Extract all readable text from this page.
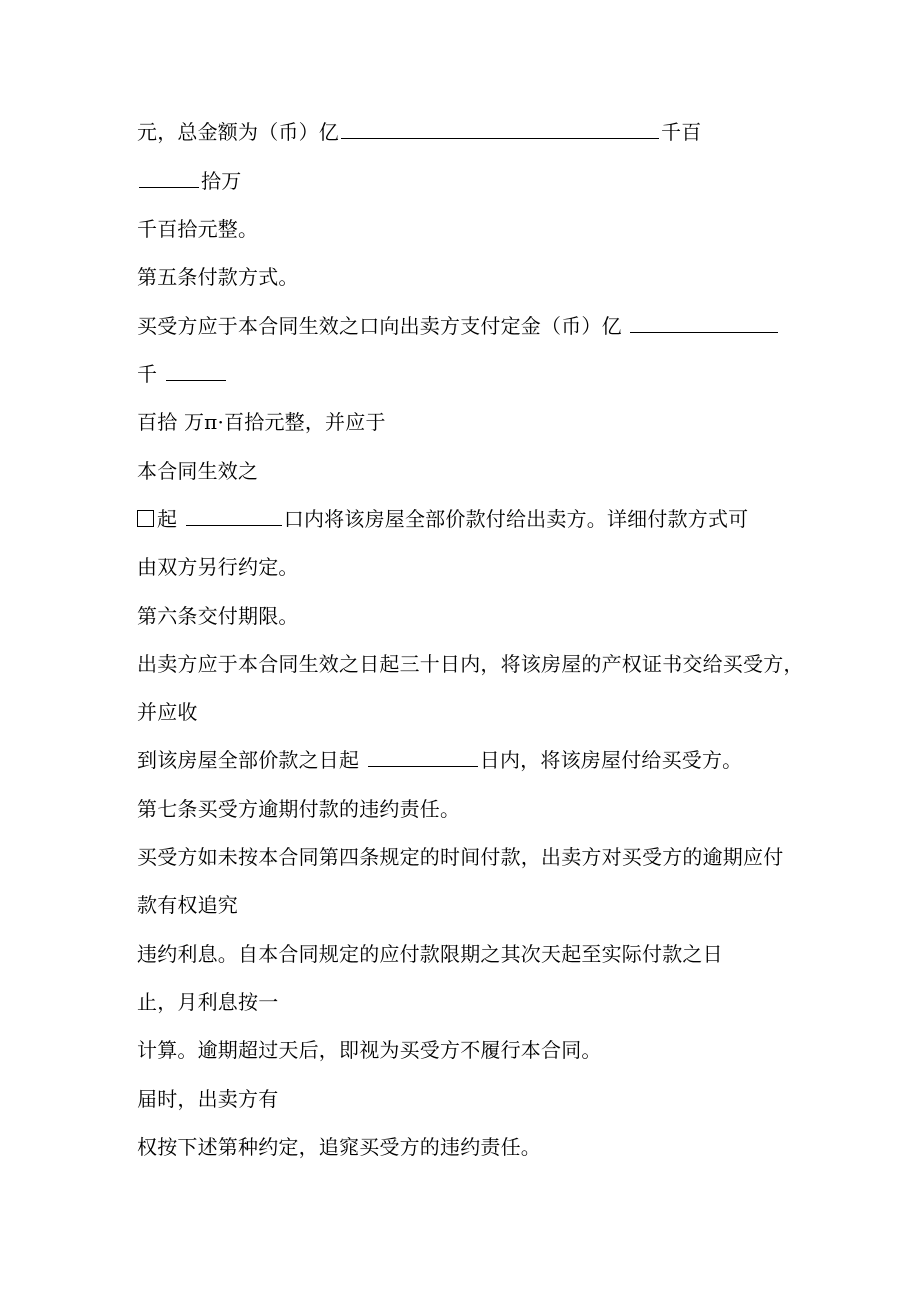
元，总金额为（币）亿	千百
拾万
千百拾元整。
第五条付款方式。
买受方应于本合同生效之口向出卖方支付定金（币）亿
千
百拾 万π·百拾元整，并应于
本合同生效之
起	口内将该房屋全部价款付给出卖方。详细付款方式可
由双方另行约定。
第六条交付期限。
出卖方应于本合同生效之日起三十日内，将该房屋的产权证书交给买受方，
并应收
到该房屋全部价款之日起	日内，将该房屋付给买受方。
第七条买受方逾期付款的违约责任。
买受方如未按本合同第四条规定的时间付款，出卖方对买受方的逾期应付
款有权追究
违约利息。自本合同规定的应付款限期之其次天起至实际付款之日
止，月利息按一
计算。逾期超过天后，即视为买受方不履行本合同。
届时，出卖方有
权按下述第种约定，追窕买受方的违约责任。
